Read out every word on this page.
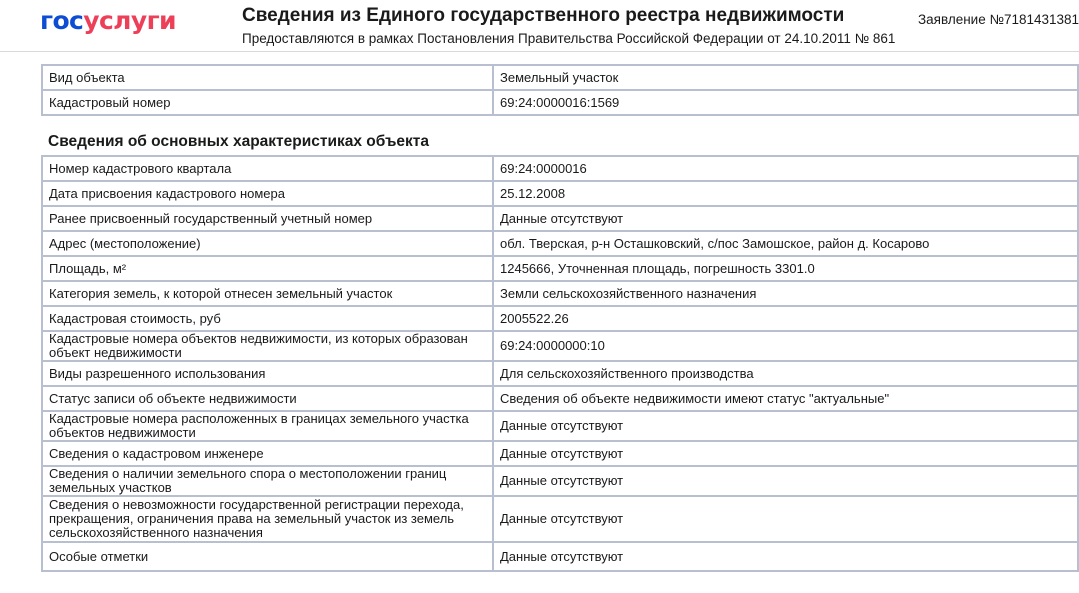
госуслуги	Сведения из Единого государственного реестра недвижимости
Предоставляются в рамках Постановления Правительства Российской Федерации от 24.10.2011 № 861
Заявление №7181431381
Вид объекта	Земельный участок
Кадастровый номер	69:24:0000016:1569
Сведения об основных характеристиках объекта
Номер кадастрового квартала	69:24:0000016
Дата присвоения кадастрового номера	25.12.2008
Ранее присвоенный государственный учетный номер	Данные отсутствуют
Адрес (местоположение)	обл. Тверская, р-н Осташковский, с/пос Замошское, район д. Косарово
Площадь, м²	1245666, Уточненная площадь, погрешность 3301.0
Категория земель, к которой отнесен земельный участок	Земли сельскохозяйственного назначения
Кадастровая стоимость, руб	2005522.26
Кадастровые номера объектов недвижимости, из которых образован объект недвижимости	69:24:0000000:10
Виды разрешенного использования	Для сельскохозяйственного производства
Статус записи об объекте недвижимости	Сведения об объекте недвижимости имеют статус "актуальные"
Кадастровые номера расположенных в границах земельного участка объектов недвижимости	Данные отсутствуют
Сведения о кадастровом инженере	Данные отсутствуют
Сведения о наличии земельного спора о местоположении границ земельных участков	Данные отсутствуют
Сведения о невозможности государственной регистрации перехода, прекращения, ограничения права на земельный участок из земель сельскохозяйственного назначения	Данные отсутствуют
Особые отметки	Данные отсутствуют
